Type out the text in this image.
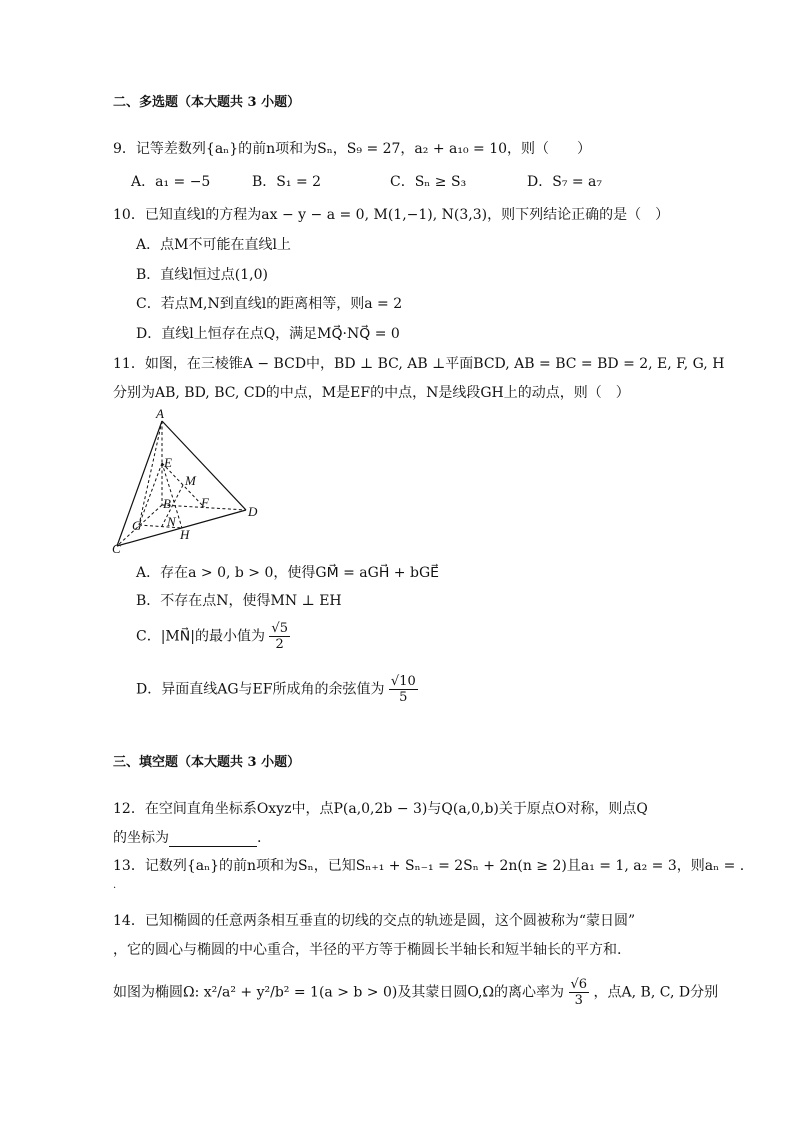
二、多选题（本大题共 3 小题）
9．记等差数列{aₙ}的前n项和为Sₙ，S₉ = 27，a₂ + a₁₀ = 10，则（　　）
A．a₁ = −5	B．S₁ = 2	C．Sₙ ≥ S₃	D．S₇ = a₇
10．已知直线l的方程为ax − y − a = 0, M(1,−1), N(3,3)，则下列结论正确的是（　）
A．点M不可能在直线l上
B．直线l恒过点(1,0)
C．若点M,N到直线l的距离相等，则a = 2
D．直线l上恒存在点Q，满足MQ⃗·NQ⃗ = 0
11．如图，在三棱锥A − BCD中，BD ⊥ BC, AB ⊥平面BCD, AB = BC = BD = 2, E, F, G, H
分别为AB, BD, BC, CD的中点，M是EF的中点，N是线段GH上的动点，则（　）
A
E
M
B F
D
G N
C
H
A．存在a > 0, b > 0，使得GM⃗ = aGH⃗ + bGE⃗
B．不存在点N，使得MN ⊥ EH
C．|MN⃗|的最小值为 $\frac{√5}{2}$
D．异面直线AG与EF所成角的余弦值为 $\frac{√10}{5}$
三、填空题（本大题共 3 小题）
12．在空间直角坐标系Oxyz中，点P(a,0,2b − 3)与Q(a,0,b)关于原点O对称，则点Q
的坐标为	.
13．记数列{aₙ}的前n项和为Sₙ，已知Sₙ₊₁ + Sₙ₋₁ = 2Sₙ + 2n(n ≥ 2)且a₁ = 1, a₂ = 3，则aₙ = .
.
14．已知椭圆的任意两条相互垂直的切线的交点的轨迹是圆，这个圆被称为“蒙日圆”
，它的圆心与椭圆的中心重合，半径的平方等于椭圆长半轴长和短半轴长的平方和.
如图为椭圆Ω: x²/a² + y²/b² = 1(a > b > 0)及其蒙日圆O,Ω的离心率为 $\frac{√6}{3}$ ，点A, B, C, D分别
